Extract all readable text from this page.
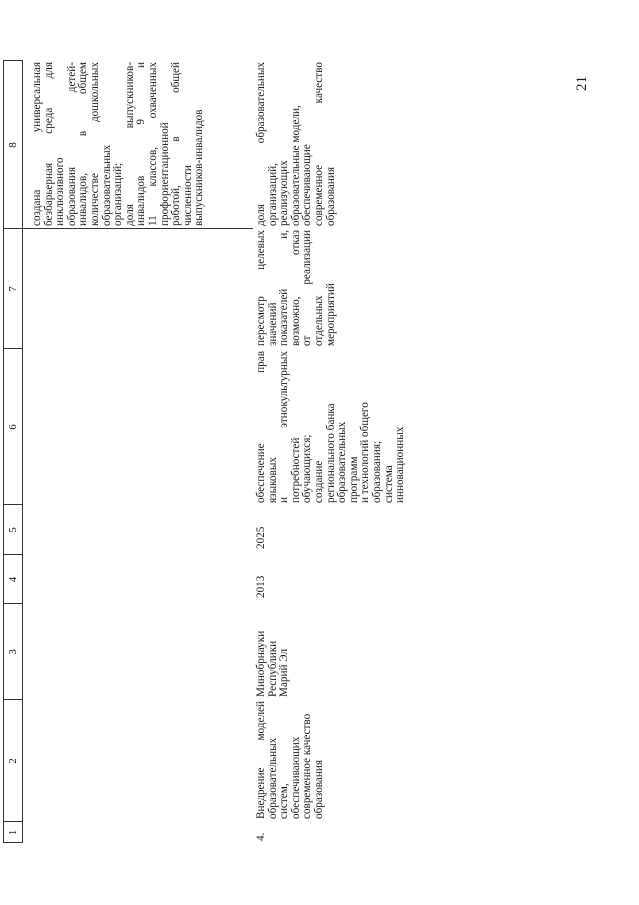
21
1
2
3
4
5
6
7
8 создана универсальная безбарьерная среда для инклюзивного образования детей- инвалидов, в общем количестве дошкольных образовательных организаций; доля выпускников- инвалидов 9 и 11 классов, охваченных профориентационной работой, в общей численности выпускников-инвалидов
4.
Внедрение моделей образовательных систем, обеспечивающих современное качество образования
Минобрнауки Республики Марий Эл
2013
2025
обеспечение прав языковых и этнокультурных потребностей обучающихся; создание регионального банка образовательных программ и технологий общего образования; система инновационных
пересмотр целевых значений показателей и, возможно, отказ от реализации отдельных мероприятий
доля образовательных организаций, реализующих образовательные модели, обеспечивающие современное качество образования
